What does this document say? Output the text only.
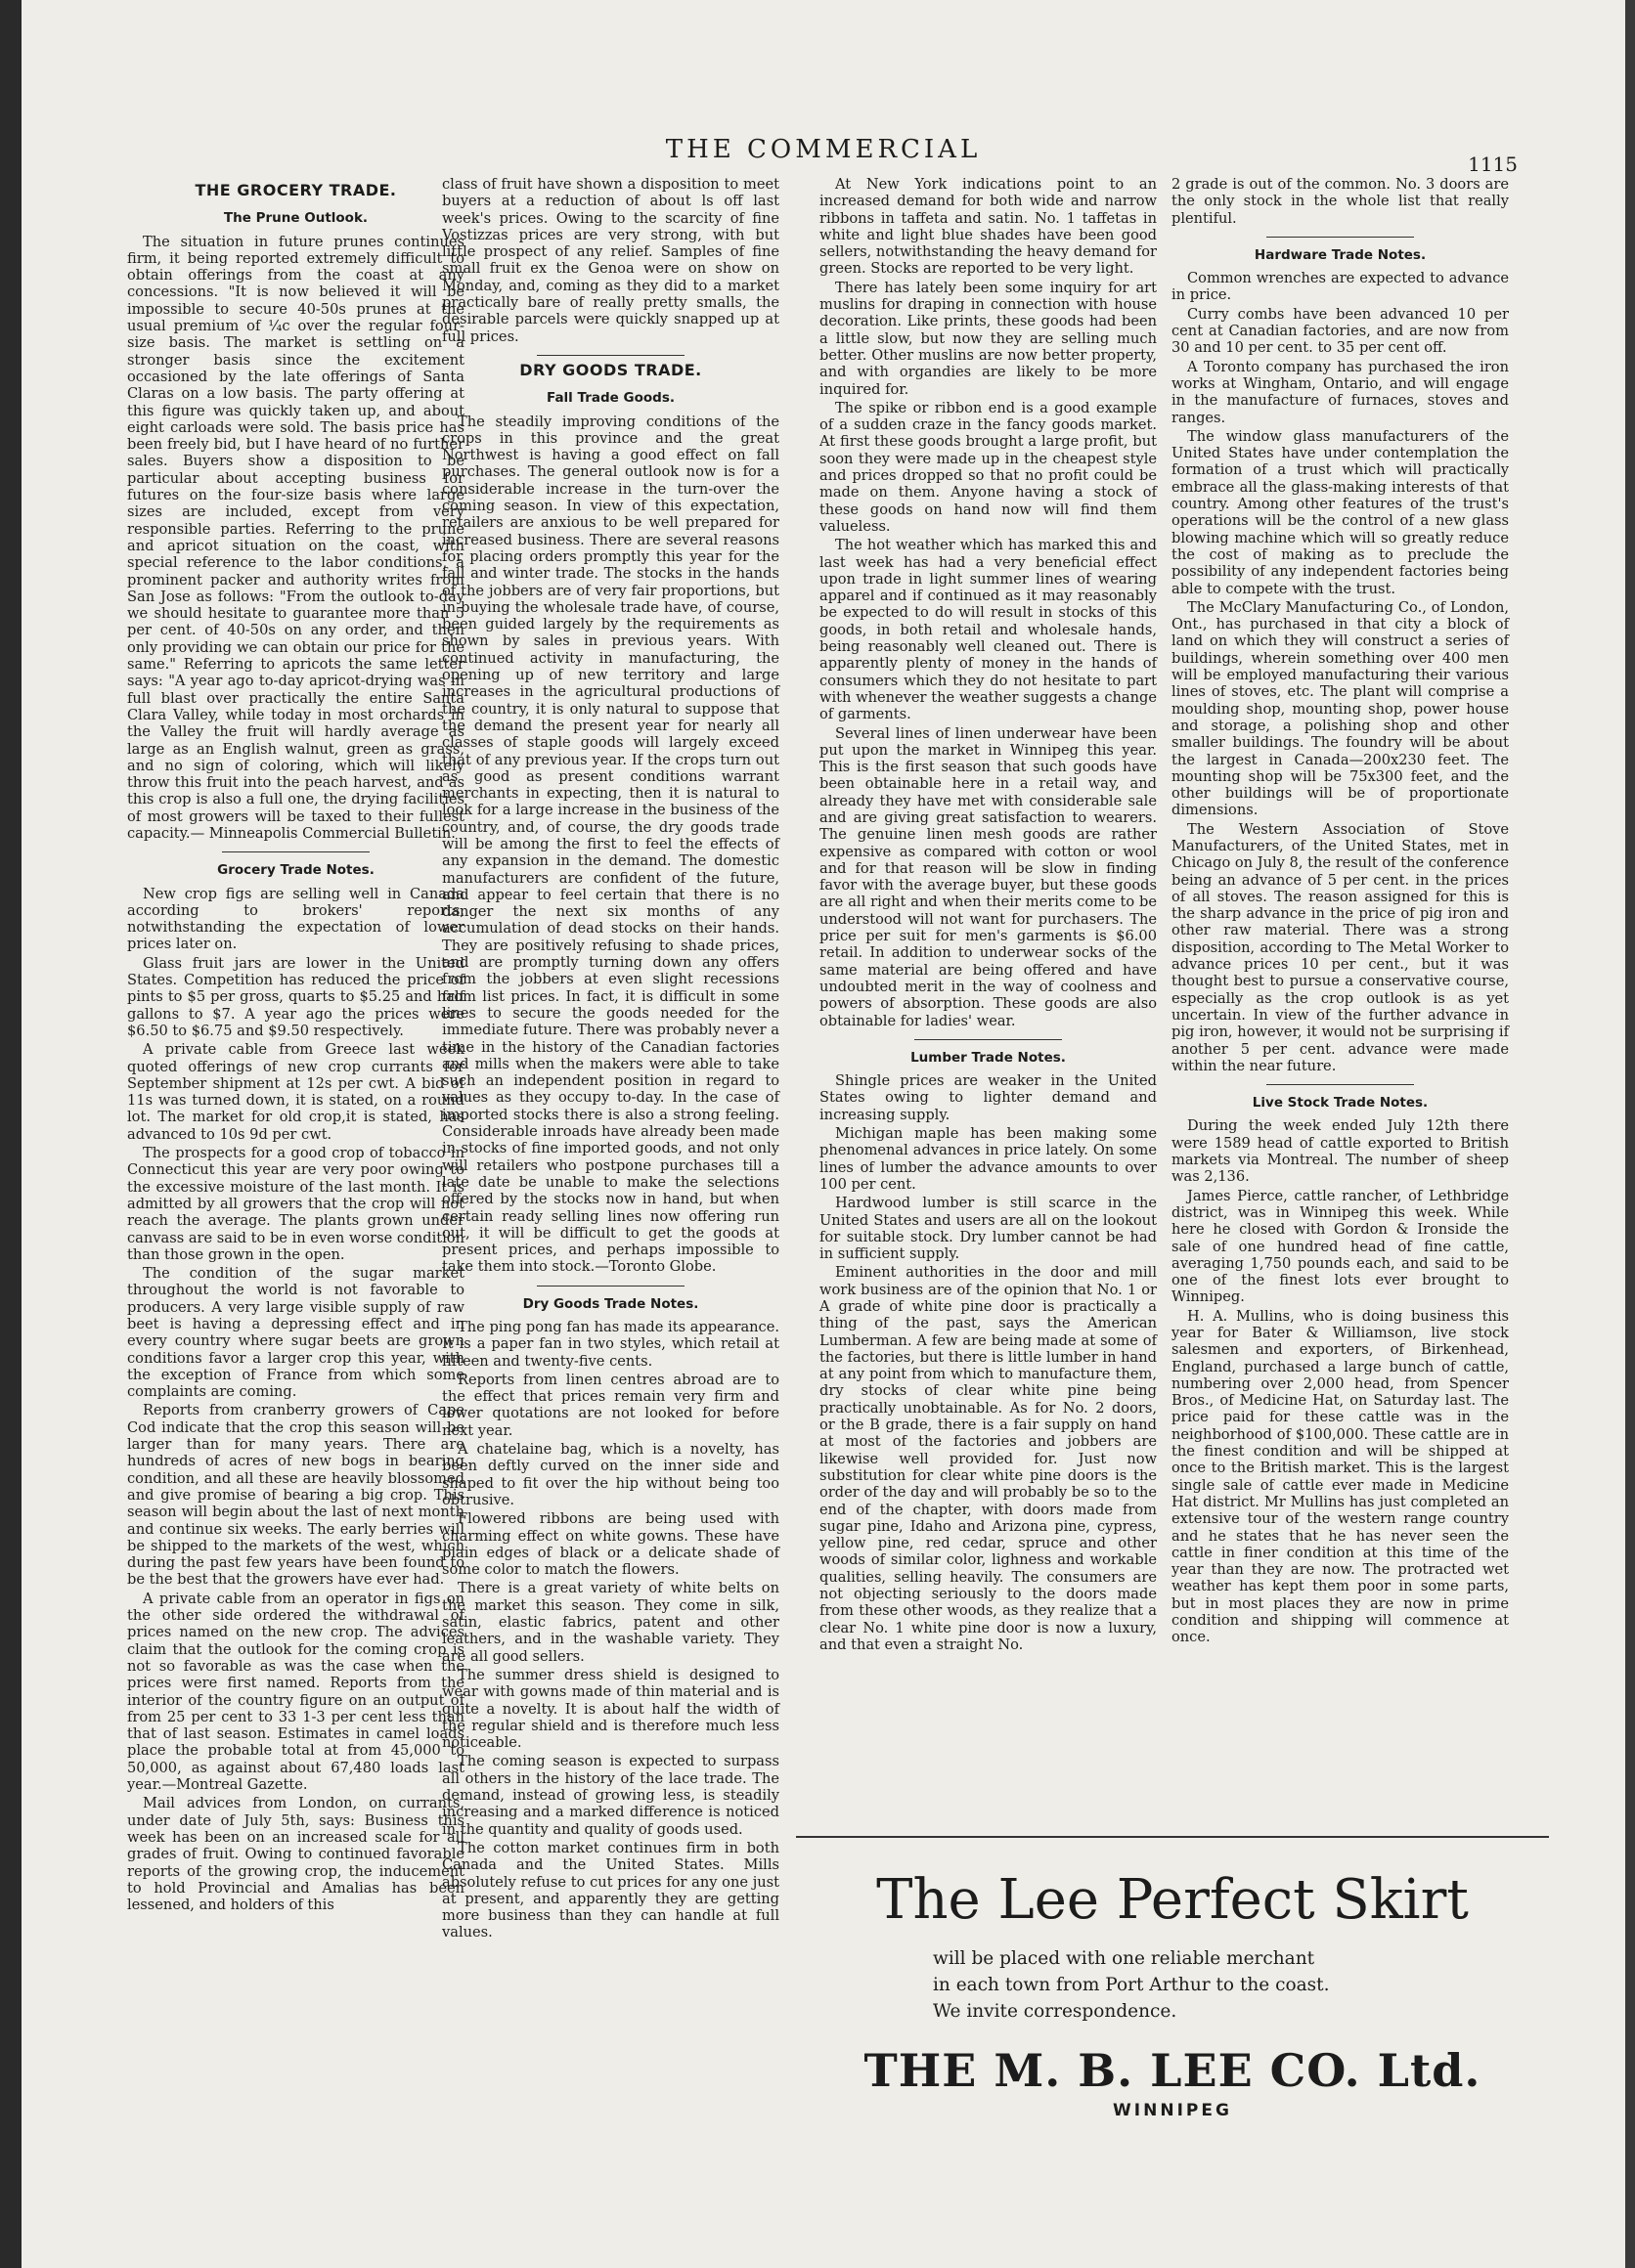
THE COMMERCIAL	1115
THE GROCERY TRADE.
The Prune Outlook.

The situation in future prunes continues firm, it being reported extremely difficult to obtain offerings from the coast at any concessions. "It is now believed it will be impossible to secure 40-50s prunes at the usual premium of ¼c over the regular four-size basis. The market is settling on a stronger basis since the excitement occasioned by the late offerings of Santa Claras on a low basis. The party offering at this figure was quickly taken up, and about eight carloads were sold. The basis price has been freely bid, but I have heard of no further sales. Buyers show a disposition to be particular about accepting business for futures on the four-size basis where large sizes are included, except from very responsible parties. Referring to the prune and apricot situation on the coast, with special reference to the labor conditions, a prominent packer and authority writes from San Jose as follows: "From the outlook to-day we should hesitate to guarantee more than 5 per cent. of 40-50s on any order, and then only providing we can obtain our price for the same." Referring to apricots the same letter says: "A year ago to-day apricot-drying was in full blast over practically the entire Santa Clara Valley, while today in most orchards in the Valley the fruit will hardly average as large as an English walnut, green as grass, and no sign of coloring, which will likely throw this fruit into the peach harvest, and as this crop is also a full one, the drying facilities of most growers will be taxed to their fullest capacity.— Minneapolis Commercial Bulletin.

Grocery Trade Notes.

New crop figs are selling well in Canada according to brokers' reports, notwithstanding the expectation of lower prices later on.

Glass fruit jars are lower in the United States. Competition has reduced the price of pints to $5 per gross, quarts to $5.25 and half gallons to $7. A year ago the prices were $6.50 to $6.75 and $9.50 respectively.

A private cable from Greece last week quoted offerings of new crop currants for September shipment at 12s per cwt. A bid of 11s was turned down, it is stated, on a round lot. The market for old crop,it is stated, has advanced to 10s 9d per cwt.

The prospects for a good crop of tobacco in Connecticut this year are very poor owing to the excessive moisture of the last month. It is admitted by all growers that the crop will not reach the average. The plants grown under canvass are said to be in even worse condition than those grown in the open.

The condition of the sugar market throughout the world is not favorable to producers. A very large visible supply of raw beet is having a depressing effect and in every country where sugar beets are grown conditions favor a larger crop this year, with the exception of France from which some complaints are coming.

Reports from cranberry growers of Cape Cod indicate that the crop this season will be larger than for many years. There are hundreds of acres of new bogs in bearing condition, and all these are heavily blossomed and give promise of bearing a big crop. This season will begin about the last of next month and continue six weeks. The early berries will be shipped to the markets of the west, which during the past few years have been found to be the best that the growers have ever had.

A private cable from an operator in figs on the other side ordered the withdrawal of prices named on the new crop. The advices claim that the outlook for the coming crop is not so favorable as was the case when the prices were first named. Reports from the interior of the country figure on an output of from 25 per cent to 33 1-3 per cent less than that of last season. Estimates in camel loads place the probable total at from 45,000 to 50,000, as against about 67,480 loads last year.—Montreal Gazette.

Mail advices from London, on currants, under date of July 5th, says: Business this week has been on an increased scale for all grades of fruit. Owing to continued favorable reports of the growing crop, the inducement to hold Provincial and Amalias has been lessened, and holders of this

class of fruit have shown a disposition to meet buyers at a reduction of about ls off last week's prices. Owing to the scarcity of fine Vostizzas prices are very strong, with but little prospect of any relief. Samples of fine small fruit ex the Genoa were on show on Monday, and, coming as they did to a market practically bare of really pretty smalls, the desirable parcels were quickly snapped up at full prices.

DRY GOODS TRADE.
Fall Trade Goods.

The steadily improving conditions of the crops in this province and the great Northwest is having a good effect on fall purchases. The general outlook now is for a considerable increase in the turn-over the coming season. In view of this expectation, retailers are anxious to be well prepared for increased business. There are several reasons for placing orders promptly this year for the fall and winter trade. The stocks in the hands of the jobbers are of very fair proportions, but in buying the wholesale trade have, of course, been guided largely by the requirements as shown by sales in previous years. With continued activity in manufacturing, the opening up of new territory and large increases in the agricultural productions of the country, it is only natural to suppose that the demand the present year for nearly all classes of staple goods will largely exceed that of any previous year. If the crops turn out as good as present conditions warrant merchants in expecting, then it is natural to look for a large increase in the business of the country, and, of course, the dry goods trade will be among the first to feel the effects of any expansion in the demand. The domestic manufacturers are confident of the future, and appear to feel certain that there is no danger the next six months of any accumulation of dead stocks on their hands. They are positively refusing to shade prices, and are promptly turning down any offers from the jobbers at even slight recessions from list prices. In fact, it is difficult in some lines to secure the goods needed for the immediate future. There was probably never a time in the history of the Canadian factories and mills when the makers were able to take such an independent position in regard to values as they occupy to-day. In the case of imported stocks there is also a strong feeling. Considerable inroads have already been made in stocks of fine imported goods, and not only will retailers who postpone purchases till a late date be unable to make the selections offered by the stocks now in hand, but when certain ready selling lines now offering run out, it will be difficult to get the goods at present prices, and perhaps impossible to take them into stock.—Toronto Globe.

Dry Goods Trade Notes.

The ping pong fan has made its appearance. It is a paper fan in two styles, which retail at fifteen and twenty-five cents.

Reports from linen centres abroad are to the effect that prices remain very firm and lower quotations are not looked for before next year.

A chatelaine bag, which is a novelty, has been deftly curved on the inner side and shaped to fit over the hip without being too obtrusive.

Flowered ribbons are being used with charming effect on white gowns. These have plain edges of black or a delicate shade of some color to match the flowers.

There is a great variety of white belts on the market this season. They come in silk, satin, elastic fabrics, patent and other leathers, and in the washable variety. They are all good sellers.

The summer dress shield is designed to wear with gowns made of thin material and is quite a novelty. It is about half the width of the regular shield and is therefore much less noticeable.

The coming season is expected to surpass all others in the history of the lace trade. The demand, instead of growing less, is steadily increasing and a marked difference is noticed in the quantity and quality of goods used.

The cotton market continues firm in both Canada and the United States. Mills absolutely refuse to cut prices for any one just at present, and apparently they are getting more business than they can handle at full values.

At New York indications point to an increased demand for both wide and narrow ribbons in taffeta and satin. No. 1 taffetas in white and light blue shades have been good sellers, notwithstanding the heavy demand for green. Stocks are reported to be very light.

There has lately been some inquiry for art muslins for draping in connection with house decoration. Like prints, these goods had been a little slow, but now they are selling much better. Other muslins are now better property, and with organdies are likely to be more inquired for.

The spike or ribbon end is a good example of a sudden craze in the fancy goods market. At first these goods brought a large profit, but soon they were made up in the cheapest style and prices dropped so that no profit could be made on them. Anyone having a stock of these goods on hand now will find them valueless.

The hot weather which has marked this and last week has had a very beneficial effect upon trade in light summer lines of wearing apparel and if continued as it may reasonably be expected to do will result in stocks of this goods, in both retail and wholesale hands, being reasonably well cleaned out. There is apparently plenty of money in the hands of consumers which they do not hesitate to part with whenever the weather suggests a change of garments.

Several lines of linen underwear have been put upon the market in Winnipeg this year. This is the first season that such goods have been obtainable here in a retail way, and already they have met with considerable sale and are giving great satisfaction to wearers. The genuine linen mesh goods are rather expensive as compared with cotton or wool and for that reason will be slow in finding favor with the average buyer, but these goods are all right and when their merits come to be understood will not want for purchasers. The price per suit for men's garments is $6.00 retail. In addition to underwear socks of the same material are being offered and have undoubted merit in the way of coolness and powers of absorption. These goods are also obtainable for ladies' wear.

Lumber Trade Notes.

Shingle prices are weaker in the United States owing to lighter demand and increasing supply.

Michigan maple has been making some phenomenal advances in price lately. On some lines of lumber the advance amounts to over 100 per cent.

Hardwood lumber is still scarce in the United States and users are all on the lookout for suitable stock. Dry lumber cannot be had in sufficient supply.

Eminent authorities in the door and mill work business are of the opinion that No. 1 or A grade of white pine door is practically a thing of the past, says the American Lumberman. A few are being made at some of the factories, but there is little lumber in hand at any point from which to manufacture them, dry stocks of clear white pine being practically unobtainable. As for No. 2 doors, or the B grade, there is a fair supply on hand at most of the factories and jobbers are likewise well provided for. Just now substitution for clear white pine doors is the order of the day and will probably be so to the end of the chapter, with doors made from sugar pine, Idaho and Arizona pine, cypress, yellow pine, red cedar, spruce and other woods of similar color, lighness and workable qualities, selling heavily. The consumers are not objecting seriously to the doors made from these other woods, as they realize that a clear No. 1 white pine door is now a luxury, and that even a straight No.

2 grade is out of the common. No. 3 doors are the only stock in the whole list that really plentiful.

Hardware Trade Notes.

Common wrenches are expected to advance in price.

Curry combs have been advanced 10 per cent at Canadian factories, and are now from 30 and 10 per cent. to 35 per cent off.

A Toronto company has purchased the iron works at Wingham, Ontario, and will engage in the manufacture of furnaces, stoves and ranges.

The window glass manufacturers of the United States have under contemplation the formation of a trust which will practically embrace all the glass-making interests of that country. Among other features of the trust's operations will be the control of a new glass blowing machine which will so greatly reduce the cost of making as to preclude the possibility of any independent factories being able to compete with the trust.

The McClary Manufacturing Co., of London, Ont., has purchased in that city a block of land on which they will construct a series of buildings, wherein something over 400 men will be employed manufacturing their various lines of stoves, etc. The plant will comprise a moulding shop, mounting shop, power house and storage, a polishing shop and other smaller buildings. The foundry will be about the largest in Canada—200x230 feet. The mounting shop will be 75x300 feet, and the other buildings will be of proportionate dimensions.

The Western Association of Stove Manufacturers, of the United States, met in Chicago on July 8, the result of the conference being an advance of 5 per cent. in the prices of all stoves. The reason assigned for this is the sharp advance in the price of pig iron and other raw material. There was a strong disposition, according to The Metal Worker to advance prices 10 per cent., but it was thought best to pursue a conservative course, especially as the crop outlook is as yet uncertain. In view of the further advance in pig iron, however, it would not be surprising if another 5 per cent. advance were made within the near future.

Live Stock Trade Notes.

During the week ended July 12th there were 1589 head of cattle exported to British markets via Montreal. The number of sheep was 2,136.

James Pierce, cattle rancher, of Lethbridge district, was in Winnipeg this week. While here he closed with Gordon & Ironside the sale of one hundred head of fine cattle, averaging 1,750 pounds each, and said to be one of the finest lots ever brought to Winnipeg.

H. A. Mullins, who is doing business this year for Bater & Williamson, live stock salesmen and exporters, of Birkenhead, England, purchased a large bunch of cattle, numbering over 2,000 head, from Spencer Bros., of Medicine Hat, on Saturday last. The price paid for these cattle was in the neighborhood of $100,000. These cattle are in the finest condition and will be shipped at once to the British market. This is the largest single sale of cattle ever made in Medicine Hat district. Mr Mullins has just completed an extensive tour of the western range country and he states that he has never seen the cattle in finer condition at this time of the year than they are now. The protracted wet weather has kept them poor in some parts, but in most places they are now in prime condition and shipping will commence at once.

The Lee Perfect Skirt
will be placed with one reliable merchant
in each town from Port Arthur to the coast.
We invite correspondence.
THE M. B. LEE CO. Ltd.
WINNIPEG
